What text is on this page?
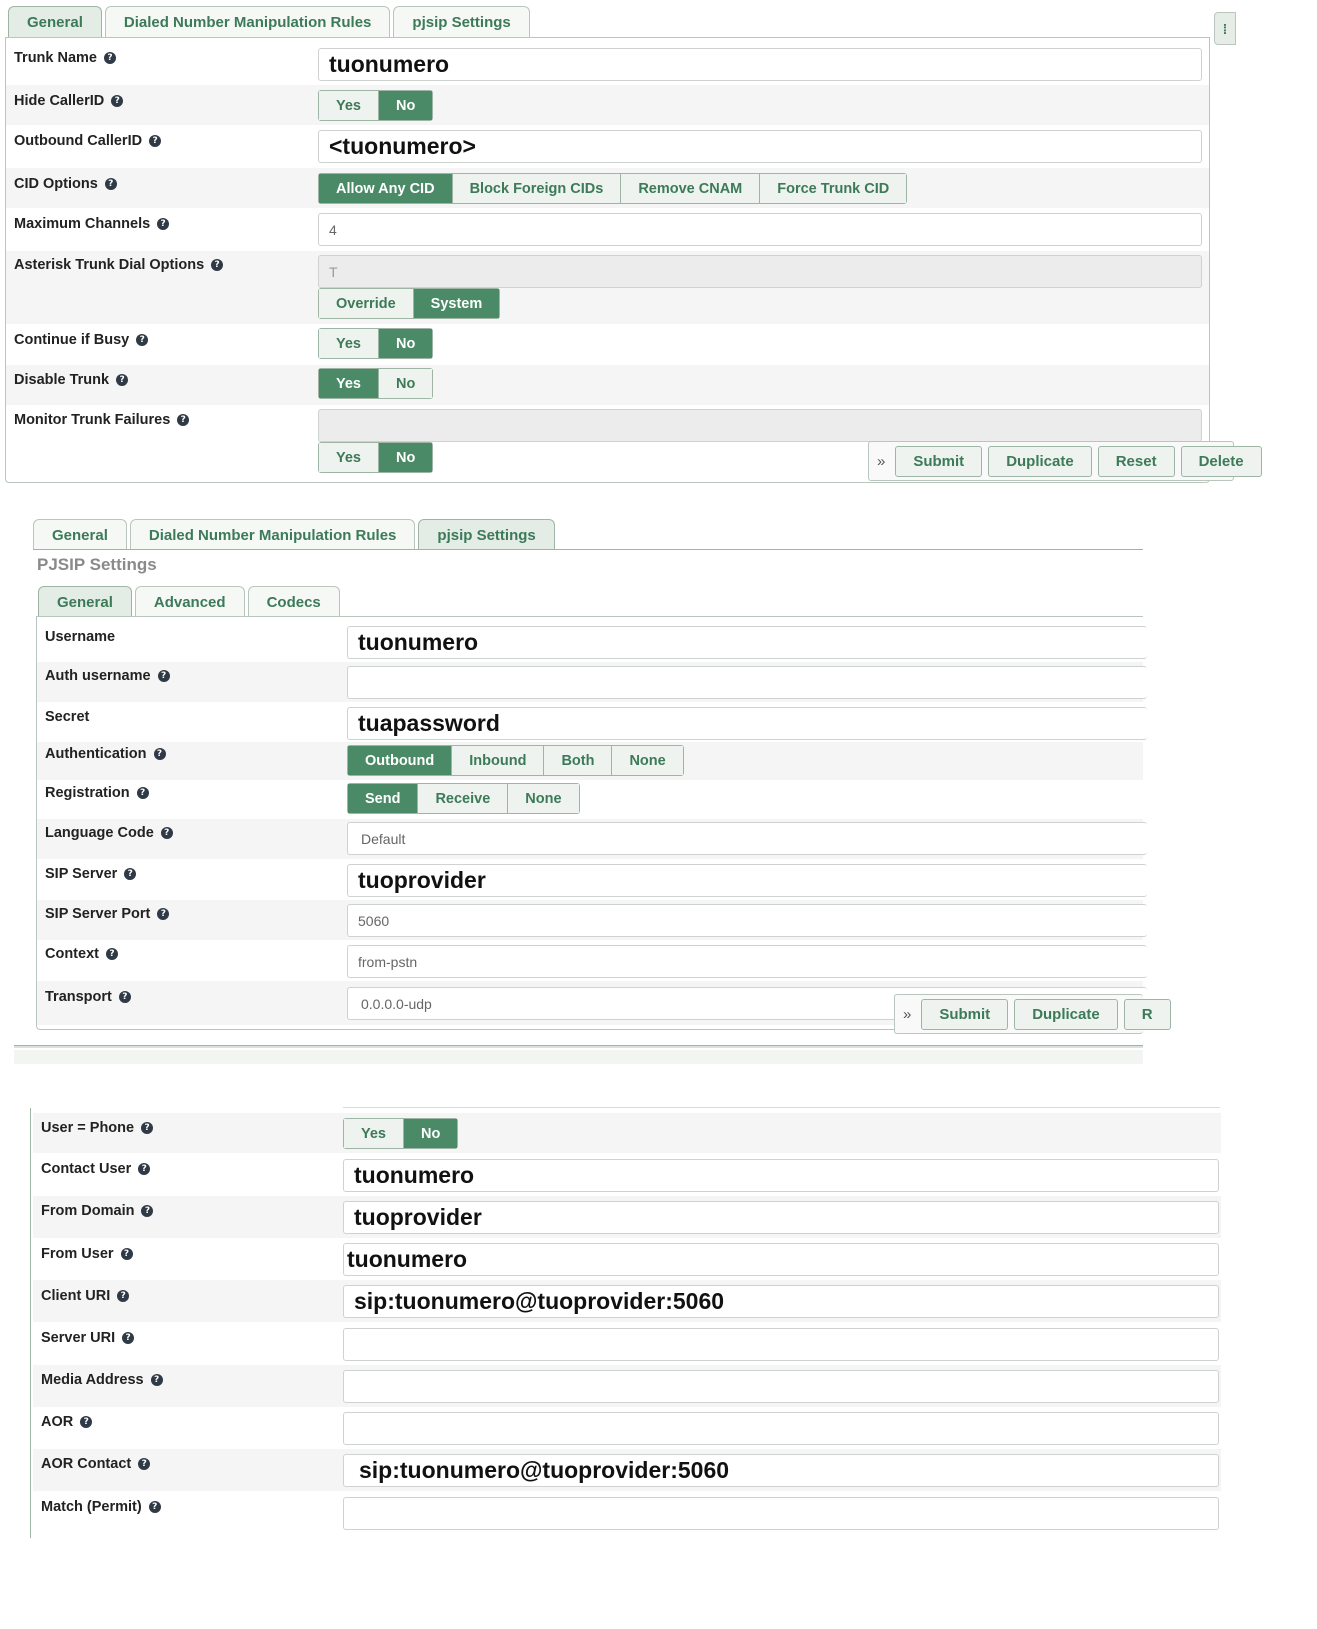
General	Dialed Number Manipulation Rules	pjsip Settings	⁞
Trunk Name	?	tuonumero
Hide CallerID	?	Yes	No
Outbound CallerID	?	<tuonumero>
CID Options	?	Allow Any CID	Block Foreign CIDs	Remove CNAM	Force Trunk CID
Maximum Channels	?	4
Asterisk Trunk Dial Options	?	T
Override	System
Continue if Busy	?	Yes	No
Disable Trunk	?	Yes	No
Monitor Trunk Failures	?
Yes	No	»	Submit	Duplicate	Reset	Delete
General	Dialed Number Manipulation Rules	pjsip Settings
PJSIP Settings
General	Advanced	Codecs
Username	tuonumero
Auth username	?
Secret	tuapassword
Authentication	?	Outbound	Inbound	Both	None
Registration	?	Send	Receive	None
Language Code	?	Default
SIP Server	?	tuoprovider
SIP Server Port	?	5060
Context	?	from-pstn
Transport	?	0.0.0.0-udp
»	Submit	Duplicate	R
User = Phone	?	Yes	No
Contact User	?	tuonumero
From Domain	?	tuoprovider
From User	?	tuonumero
Client URI	?	sip:tuonumero@tuoprovider:5060
Server URI	?
Media Address	?
AOR	?
AOR Contact	?	sip:tuonumero@tuoprovider:5060
Match (Permit)	?
